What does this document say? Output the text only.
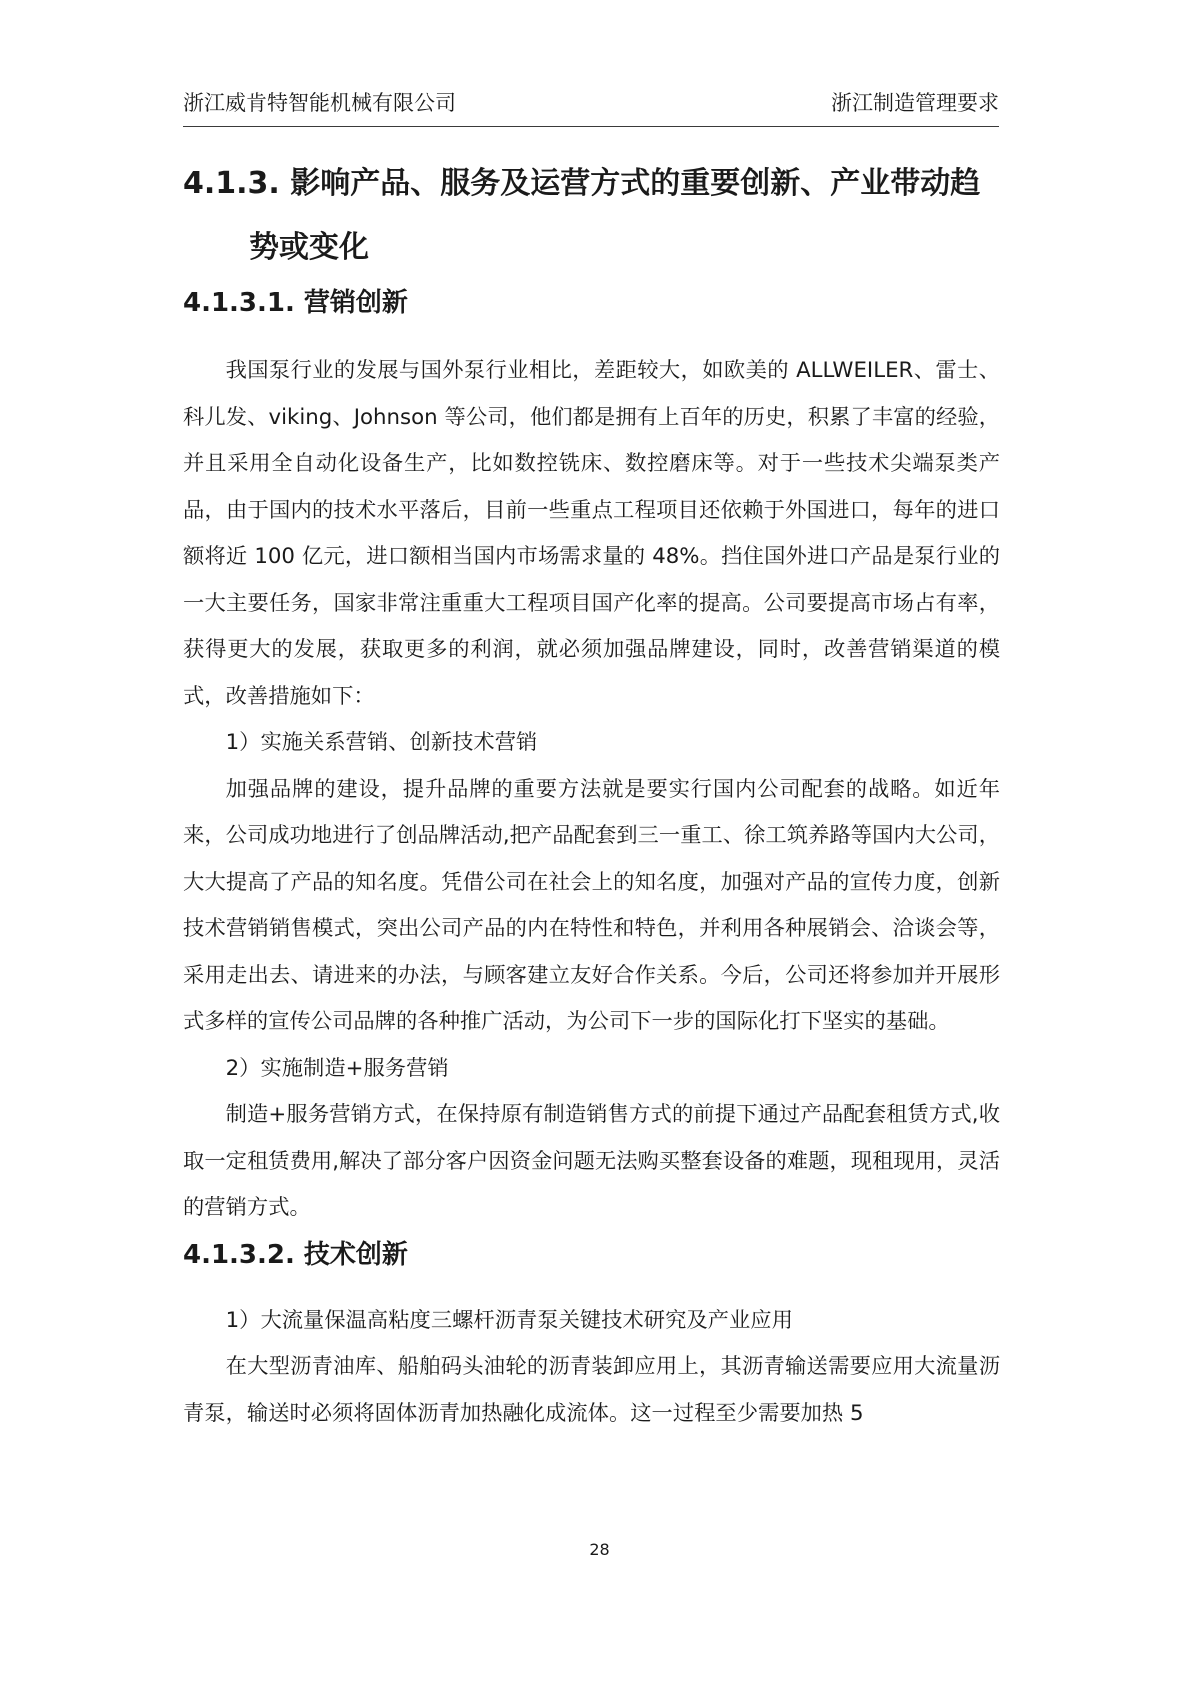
浙江威肯特智能机械有限公司	浙江制造管理要求
4.1.3. 影响产品、服务及运营方式的重要创新、产业带动趋势或变化
4.1.3.1. 营销创新

我国泵行业的发展与国外泵行业相比，差距较大，如欧美的 ALLWEILER、雷士、科儿发、viking、Johnson 等公司，他们都是拥有上百年的历史，积累了丰富的经验，并且采用全自动化设备生产，比如数控铣床、数控磨床等。对于一些技术尖端泵类产品，由于国内的技术水平落后，目前一些重点工程项目还依赖于外国进口，每年的进口额将近 100 亿元，进口额相当国内市场需求量的 48%。挡住国外进口产品是泵行业的一大主要任务，国家非常注重重大工程项目国产化率的提高。公司要提高市场占有率，获得更大的发展，获取更多的利润，就必须加强品牌建设，同时，改善营销渠道的模式，改善措施如下：

1）实施关系营销、创新技术营销

加强品牌的建设，提升品牌的重要方法就是要实行国内公司配套的战略。如近年来，公司成功地进行了创品牌活动,把产品配套到三一重工、徐工筑养路等国内大公司，大大提高了产品的知名度。凭借公司在社会上的知名度，加强对产品的宣传力度，创新技术营销销售模式，突出公司产品的内在特性和特色，并利用各种展销会、洽谈会等，采用走出去、请进来的办法，与顾客建立友好合作关系。今后，公司还将参加并开展形式多样的宣传公司品牌的各种推广活动，为公司下一步的国际化打下坚实的基础。

2）实施制造+服务营销

制造+服务营销方式，在保持原有制造销售方式的前提下通过产品配套租赁方式,收取一定租赁费用,解决了部分客户因资金问题无法购买整套设备的难题，现租现用，灵活的营销方式。

4.1.3.2. 技术创新

1）大流量保温高粘度三螺杆沥青泵关键技术研究及产业应用

在大型沥青油库、船舶码头油轮的沥青装卸应用上，其沥青输送需要应用大流量沥青泵，输送时必须将固体沥青加热融化成流体。这一过程至少需要加热 5

28
